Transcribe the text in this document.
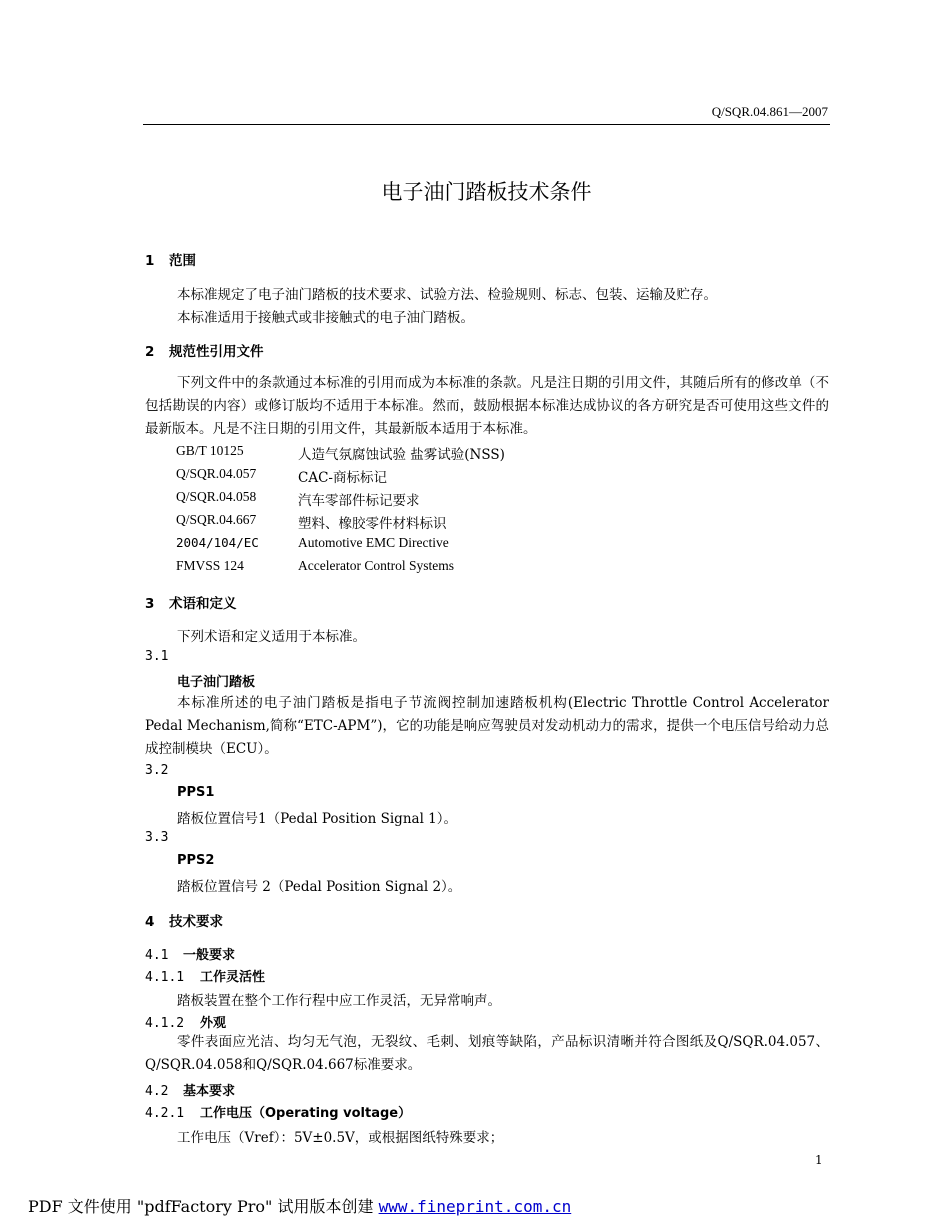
Q/SQR.04.861—2007
电子油门踏板技术条件
1 范围
本标准规定了电子油门踏板的技术要求、试验方法、检验规则、标志、包装、运输及贮存。
本标准适用于接触式或非接触式的电子油门踏板。
2 规范性引用文件
下列文件中的条款通过本标准的引用而成为本标准的条款。凡是注日期的引用文件，其随后所有的修改单（不包括勘误的内容）或修订版均不适用于本标准。然而，鼓励根据本标准达成协议的各方研究是否可使用这些文件的最新版本。凡是不注日期的引用文件，其最新版本适用于本标准。
GB/T 10125	人造气氛腐蚀试验 盐雾试验(NSS)
Q/SQR.04.057	CAC-商标标记
Q/SQR.04.058	汽车零部件标记要求
Q/SQR.04.667	塑料、橡胶零件材料标识
2004/104/EC	Automotive EMC Directive
FMVSS 124	Accelerator Control Systems
3 术语和定义
下列术语和定义适用于本标准。
3.1
电子油门踏板
本标准所述的电子油门踏板是指电子节流阀控制加速踏板机构(Electric Throttle Control Accelerator Pedal Mechanism,简称“ETC-APM”)，它的功能是响应驾驶员对发动机动力的需求，提供一个电压信号给动力总成控制模块（ECU）。
3.2
PPS1
踏板位置信号1（Pedal Position Signal 1）。
3.3
PPS2
踏板位置信号 2（Pedal Position Signal 2）。
4 技术要求
4.1 一般要求
4.1.1 工作灵活性
踏板装置在整个工作行程中应工作灵活，无异常响声。
4.1.2 外观
零件表面应光洁、均匀无气泡，无裂纹、毛刺、划痕等缺陷，产品标识清晰并符合图纸及Q/SQR.04.057、Q/SQR.04.058和Q/SQR.04.667标准要求。
4.2 基本要求
4.2.1 工作电压（Operating voltage）
工作电压（Vref）：5V±0.5V，或根据图纸特殊要求；
1
PDF 文件使用 "pdfFactory Pro" 试用版本创建 www.fineprint.com.cn
